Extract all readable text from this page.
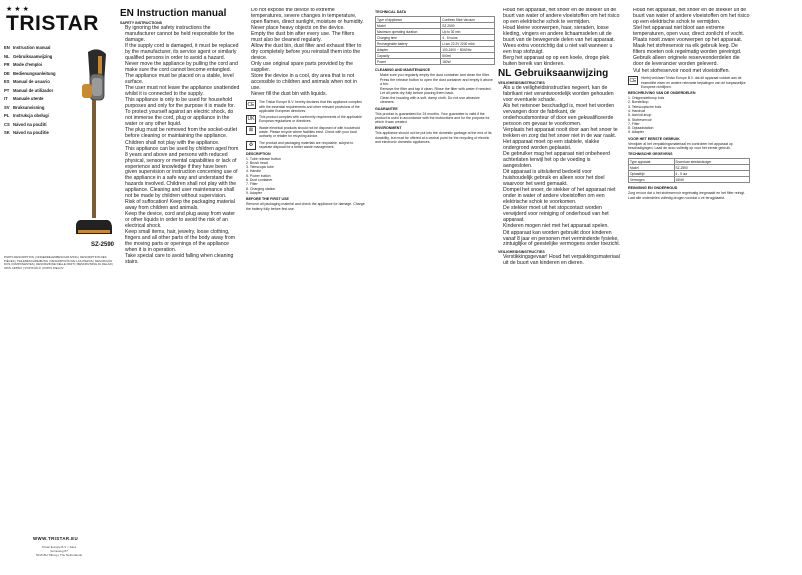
★ ★ ★
TRISTAR
EN Instruction manual
NL Gebruiksaanwijzing
FR Mode d'emploi
DE Bedienungsanleitung
ES Manual de usuario
PT Manual de utilizador
IT Manuale utente
SV Bruksanvisning
PL Instrukcja obsługi
CS Návod na použití
SK Návod na použitie
SZ-2590
PARTS DESCRIPTION | ONDERDELENBESCHRIJVING | DESCRIPTION DES PIÈCES | TEILEBESCHREIBUNG | DESCRIPCIÓN DE LAS PIEZAS | DESCRIÇÃO DOS COMPONENTES | DESCRIZIONE DELLE PARTI | BESKRIVNING AV DELAR | OPIS CZĘŚCI | POPIS DÍLŮ | POPIS DIELOV
WWW.TRISTAR.EU
Tristar Europe B.V. | Jules Verneweg 87
5015 BH Tilburg | The Netherlands
EN Instruction manual
SAFETY INSTRUCTIONS
• By ignoring the safety instructions the manufacturer cannot be held responsible for the damage.
• If the supply cord is damaged, it must be replaced by the manufacturer, its service agent or similarly qualified persons in order to avoid a hazard.
• Never move the appliance by pulling the cord and make sure the cord cannot become entangled.
• The appliance must be placed on a stable, level surface.
• The user must not leave the appliance unattended whilst it is connected to the supply.
• This appliance is only to be used for household purposes and only for the purpose it is made for.
• To protect yourself against an electric shock, do not immerse the cord, plug or appliance in the water or any other liquid.
• The plug must be removed from the socket-outlet before cleaning or maintaining the appliance.
• Children shall not play with the appliance.
• This appliance can be used by children aged from 8 years and above and persons with reduced physical, sensory or mental capabilities or lack of experience and knowledge if they have been given supervision or instruction concerning use of the appliance in a safe way and understand the hazards involved. Children shall not play with the appliance. Cleaning and user maintenance shall not be made by children without supervision.
• Risk of suffocation! Keep the packaging material away from children and animals.
• Keep the device, cord and plug away from water or other liquids in order to avoid the risk of an electrical shock.
• Keep small items, hair, jewelry, loose clothing, fingers and all other parts of the body away from the moving parts or openings of the appliance when it is in operation.
• Take special care to avoid falling when cleaning stairs.
• Do not expose the device to extreme temperatures, severe changes in temperature, open flames, direct sunlight, moisture or humidity.
• Never place heavy objects on the device.
• Empty the dust bin after every use. The filters must also be cleaned regularly.
• Allow the dust bin, dust filter and exhaust filter to dry completely before you reinstall them into the device.
• Only use original spare parts provided by the supplier.
• Store the device in a cool, dry area that is not accessible to children and animals when not in use.
• Never fill the dust bin with liquids.
CE	The Tristar Europe B.V. hereby declares that this appliance complies with the essential requirements and other relevant provisions of the applicable European directives.
UK	This product complies with conformity requirements of the applicable European regulations or directives.
⊠	Waste electrical products should not be disposed of with household waste. Please recycle where facilities exist. Check with your local authority or retailer for recycling advice.
♻	The product and packaging materials are recyclable, subject to separate disposal for a better waste management.
DESCRIPTION
1. Tube release button
2. Brush head
3. Telescopic tube
4. Handle
5. Power button
6. Dust container
7. Filter
8. Charging station
9. Adapter
BEFORE THE FIRST USE
Remove all packaging material and check the appliance for damage. Charge the battery fully before first use.
TECHNICAL DATA
Type of appliance	Cordless Stick Vacuum
Model	SZ-2590
Maximum operating duration	Up to 30 min
Charging time	4 - 5 hours
Rechargeable battery	Li-ion 22.2V 2200 mAh
Adapter	100-240V ~ 50/60Hz
Capacity	600ml
Power	180W
CLEANING AND MAINTENANCE
• Make sure you regularly empty the dust container and clean the filter.
• Press the release button to open the dust container and empty it above a bin.
• Remove the filter and tap it clean. Rinse the filter with water if needed.
• Let all parts dry fully before placing them back.
• Clean the housing with a soft, damp cloth. Do not use abrasive cleaners.
GUARANTEE
This product is guaranteed for 24 months. Your guarantee is valid if the product is used in accordance with the instructions and for the purpose for which it was created.
ENVIRONMENT
This appliance should not be put into the domestic garbage at the end of its durability, but must be offered at a central point for the recycling of electric and electronic domestic appliances.
• Houd het apparaat, het snoer en de stekker uit de buurt van water of andere vloeistoffen om het risico op een elektrische schok te vermijden.
• Houd kleine voorwerpen, haar, sieraden, losse kleding, vingers en andere lichaamsdelen uit de buurt van de bewegende delen van het apparaat.
• Wees extra voorzichtig dat u niet valt wanneer u een trap stofzuigt.
• Berg het apparaat op op een koele, droge plek buiten bereik van kinderen.
NL Gebruiksaanwijzing
VEILIGHEIDSINSTRUCTIES
• Als u de veiligheidsinstructies negeert, kan de fabrikant niet verantwoordelijk worden gehouden voor eventuele schade.
• Als het netsnoer beschadigd is, moet het worden vervangen door de fabrikant, de onderhoudsmonteur of door een gekwalificeerde persoon om gevaar te voorkomen.
• Verplaats het apparaat nooit door aan het snoer te trekken en zorg dat het snoer niet in de war raakt.
• Het apparaat moet op een stabiele, vlakke ondergrond worden geplaatst.
• De gebruiker mag het apparaat niet onbeheerd achterlaten terwijl het op de voeding is aangesloten.
• Dit apparaat is uitsluitend bedoeld voor huishoudelijk gebruik en alleen voor het doel waarvoor het werd gemaakt.
• Dompel het snoer, de stekker of het apparaat niet onder in water of andere vloeistoffen om een elektrische schok te voorkomen.
• De stekker moet uit het stopcontact worden verwijderd voor reiniging of onderhoud van het apparaat.
• Kinderen mogen niet met het apparaat spelen.
• Dit apparaat kan worden gebruikt door kinderen vanaf 8 jaar en personen met verminderde fysieke, zintuiglijke of geestelijke vermogens onder toezicht.
VEILIGHEIDSINSTRUCTIES
• Verstikkingsgevaar! Houd het verpakkingsmateriaal uit de buurt van kinderen en dieren.
• Houd het apparaat, het snoer en de stekker uit de buurt van water of andere vloeistoffen om het risico op een elektrische schok te vermijden.
• Stel het apparaat niet bloot aan extreme temperaturen, open vuur, direct zonlicht of vocht.
• Plaats nooit zware voorwerpen op het apparaat.
• Maak het stofreservoir na elk gebruik leeg. De filters moeten ook regelmatig worden gereinigd.
• Gebruik alleen originele reserveonderdelen die door de leverancier worden geleverd.
• Vul het stofreservoir nooit met vloeistoffen.
CE	Hierbij verklaart Tristar Europe B.V. dat dit apparaat voldoet aan de essentiële eisen en andere relevante bepalingen van de toepasselijke Europese richtlijnen.
BESCHRIJVING VAN DE ONDERDELEN
1. Ontgrendelknop buis
2. Borstelkop
3. Telescopische buis
4. Handvat
5. Aan/uit-knop
6. Stofreservoir
7. Filter
8. Oplaadstation
9. Adapter
VOOR HET EERSTE GEBRUIK
Verwijder al het verpakkingsmateriaal en controleer het apparaat op beschadigingen. Laad de accu volledig op voor het eerste gebruik.
TECHNISCHE GEGEVENS
Type apparaat	Snoerloze steelstofzuiger
Model	SZ-2590
Oplaadtijd	4 - 5 uur
Vermogen	180W
REINIGING EN ONDERHOUD
Zorg ervoor dat u het stofreservoir regelmatig leegmaakt en het filter reinigt. Laat alle onderdelen volledig drogen voordat u ze terugplaatst.
